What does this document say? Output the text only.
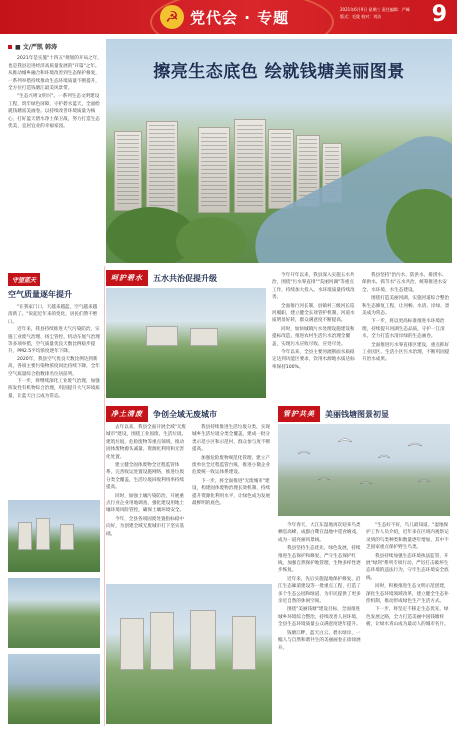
☭ 党代会 · 专题	2021年6月9日 星期三 责任编辑：严峰 版式：毛俊 校对：刘洁	9
■ 文/严凯 韩涛

2021年是实施"十四五"规划的开局之年，也是我县迈进经济高质量发展的"开篇"之年。从推动城乡融合和环境改善到生态保护修复，一系列举措持续推动生态环境质量不断提升，全方位打造钱塘江最美风景带。

"生态兴则文明兴"。一系列生态文明建设工程，筑牢绿色屏障，守护碧水蓝天，全面绘就钱塘富美画卷。以持续改善环境质量为核心，打好蓝天碧水净土保卫战，努力打造生态优美、宜居宜业的幸福家园。

擦亮生态底色 绘就钱塘美丽图景
守望蓝天
空气质量逐年提升

"在我家门口，天越来越蓝，空气越来越清新了。"说起近年来的变化，居民们赞不绝口。

近年来，我县持续推进大气污染防治，实施工业废气治理、扬尘管控、机动车尾气治理等多项举措，空气质量优良天数比例稳步提升，PM2.5平均浓度逐年下降。

2020年，我县空气优良天数比例达到新高，各项主要污染物浓度同比持续下降，全年空气质量综合指数排名位居前列。

下一步，将继续深化工业废气治理，加强挥发性有机物综合治理，巩固提升大气环境质量，让蓝天白云成为常态。

呵护碧水	五水共治促提升级	今年开年以来，我县深入实施五水共治，围绕"污水零直排""美丽河湖"等重点工作，持续加大投入，水环境质量持续改善。

全面推行河长制，县镇村三级河长巡河履职，建立健全长效管护机制，河道水质明显好转，群众满意度不断提高。

同时，加快城镇污水处理设施建设和提标改造，推进农村生活污水治理全覆盖，实现污水应收尽收、应处尽处。

今年以来，全县主要河流断面水质稳定达到功能区要求，饮用水源地水质达标率保持100%。

我县坚持"治污水、防洪水、排涝水、保供水、抓节水"五水共治，统筹推进水安全、水环境、水生态建设。

围绕打造美丽河湖，实施河道综合整治和生态修复工程，让河畅、水清、岸绿、景美成为常态。

下一步，将以更高标准推进水环境治理，持续提升河湖生态品质，守护一江清水，全力打造水清岸绿的生态画卷。

全面推进污水零直排区建设，重点抓好工业园区、生活小区污水治理，不断巩固提升治水成果。

净土清废	争创全域无废城市

去年以来，我县全面开展全域"无废城市"建设，围绕工业固废、生活垃圾、建筑垃圾、危险废物等重点领域，推动固体废物源头减量、资源化利用和无害化处置。

建立健全固体废物全过程监管体系，完善收运处置设施网络，推进垃圾分类全覆盖，生活垃圾回收利用率持续提高。

同时，加强土壤污染防治，开展重点行业企业用地调查，强化建设用地土壤环境风险管控，确保土壤环境安全。

今年，全县各项固废处置指标稳中向好，为创建全域无废城市打下坚实基础。

我县持续推进生活垃圾分类，实现城乡生活垃圾分类全覆盖，建成一批分类示范小区和示范村，群众参与度不断提高。

加强危险废物规范化管理，建立产废单位全过程监管台账，推进小微企业危废统一收运体系建设。

下一步，将全面推进"无废城市"建设，构建固体废物治理长效机制，持续提升资源化利用水平，让绿色成为发展最鲜明的底色。

管护共美	美丽钱塘图景初显

今年春天，大江东湿地再次迎来鸟类栖息高峰，成群白鹭在湿地中觅食嬉戏，成为一道亮丽风景线。

我县坚持生态优先、绿色发展，持续推进生态保护和修复，严守生态保护红线，加强自然保护地管理，生物多样性逐步恢复。

近年来，先后实施湿地保护修复、沿江生态廊道建设等一批重点工程，打造了多个生态公园和绿道，为市民提供了更多亲近自然的休闲空间。

围绕"美丽钱塘"建设目标，全面推进城乡环境综合整治，持续改善人居环境，全县生态环境质量公众满意度逐年提升。

钱塘江畔，蓝天白云、碧水绿岸，一幅人与自然和谐共生的美丽画卷正徐徐展开。

"生态好不好，鸟儿最知道。"湿地保护工作人员介绍，近年来在区域内观察记录到的鸟类种类和数量逐年增加，其中不乏国家重点保护野生鸟类。

我县持续加强生态环境执法监管，开展"绿剑"系列专项行动，严厉打击破坏生态环境的违法行为，守牢生态环境安全底线。

同时，积极推进生态文明示范创建，深化生态环境领域改革，建立健全生态补偿机制，推动形成绿色生产生活方式。

下一步，将坚定不移走生态优先、绿色发展之路，全力打造美丽中国钱塘样板，让绿水青山成为最动人的城市名片。
